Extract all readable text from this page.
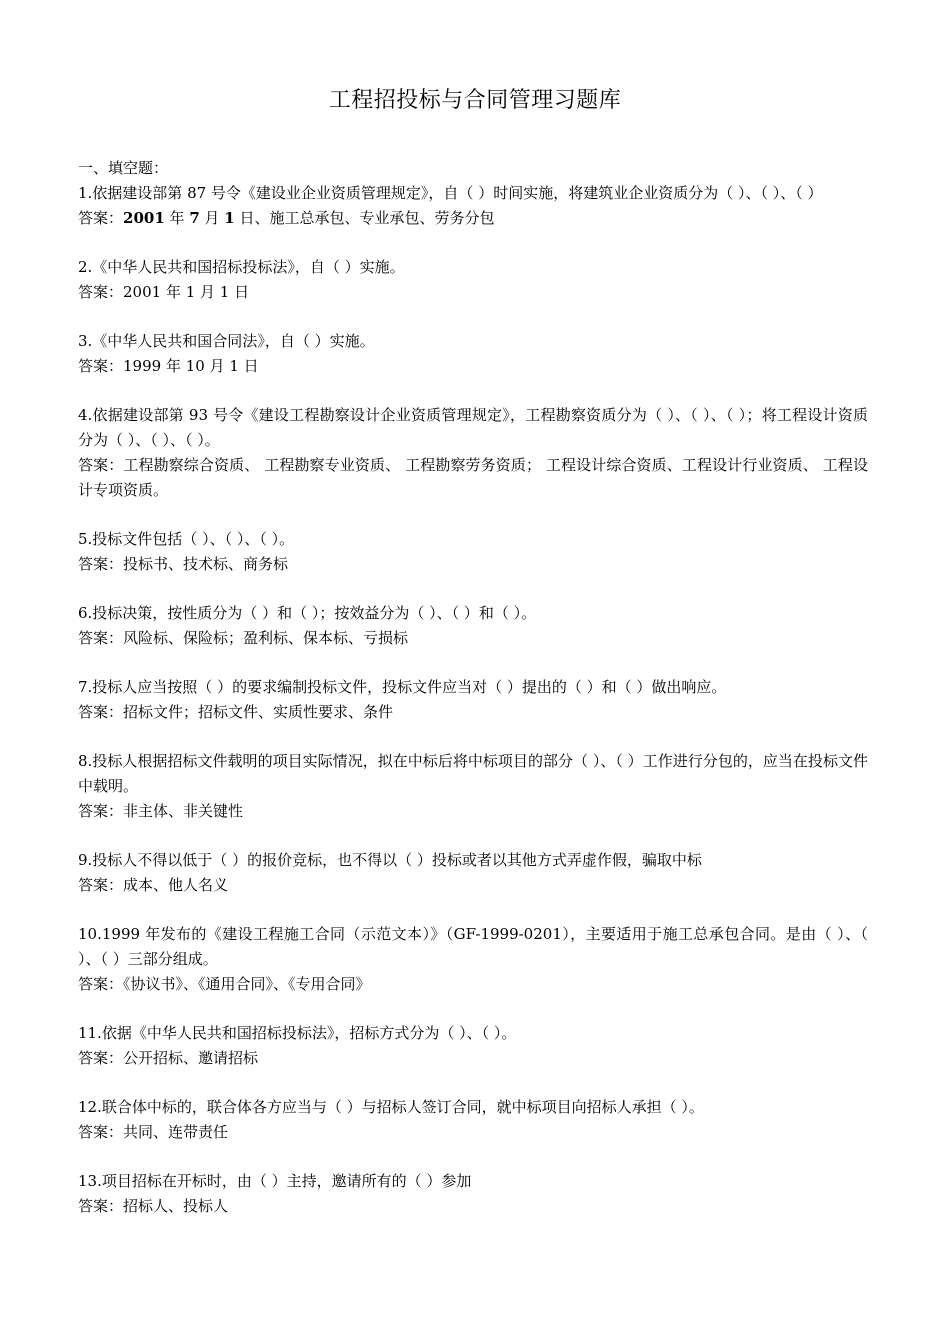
工程招投标与合同管理习题库
一、填空题：

1.依据建设部第 87 号令《建设业企业资质管理规定》，自（ ）时间实施，将建筑业企业资质分为（ ）、（ ）、（ ）

答案：2001 年 7 月 1 日、施工总承包、专业承包、劳务分包

2.《中华人民共和国招标投标法》，自（ ）实施。

答案：2001 年 1 月 1 日

3.《中华人民共和国合同法》，自（ ）实施。

答案：1999 年 10 月 1 日

4.依据建设部第 93 号令《建设工程勘察设计企业资质管理规定》，工程勘察资质分为（ ）、（ ）、（ ）；将工程设计资质分为（ ）、（ ）、（ ）。

答案：工程勘察综合资质、 工程勘察专业资质、 工程勘察劳务资质； 工程设计综合资质、工程设计行业资质、 工程设计专项资质。

5.投标文件包括（ ）、（ ）、（ ）。

答案：投标书、技术标、商务标

6.投标决策，按性质分为（ ）和（ ）；按效益分为（ ）、（ ）和（ ）。

答案：风险标、保险标；盈利标、保本标、亏损标

7.投标人应当按照（ ）的要求编制投标文件，投标文件应当对（ ）提出的（ ）和（ ）做出响应。

答案：招标文件；招标文件、实质性要求、条件

8.投标人根据招标文件载明的项目实际情况，拟在中标后将中标项目的部分（ ）、（ ）工作进行分包的，应当在投标文件中载明。

答案：非主体、非关键性

9.投标人不得以低于（ ）的报价竞标，也不得以（ ）投标或者以其他方式弄虚作假，骗取中标

答案：成本、他人名义

10.1999 年发布的《建设工程施工合同（示范文本）》（GF-1999-0201），主要适用于施工总承包合同。是由（ ）、（ ）、（ ）三部分组成。

答案：《协议书》、《通用合同》、《专用合同》

11.依据《中华人民共和国招标投标法》，招标方式分为（ ）、（ ）。

答案：公开招标、邀请招标

12.联合体中标的，联合体各方应当与（ ）与招标人签订合同，就中标项目向招标人承担（ ）。

答案：共同、连带责任

13.项目招标在开标时，由（ ）主持，邀请所有的（ ）参加

答案：招标人、投标人
